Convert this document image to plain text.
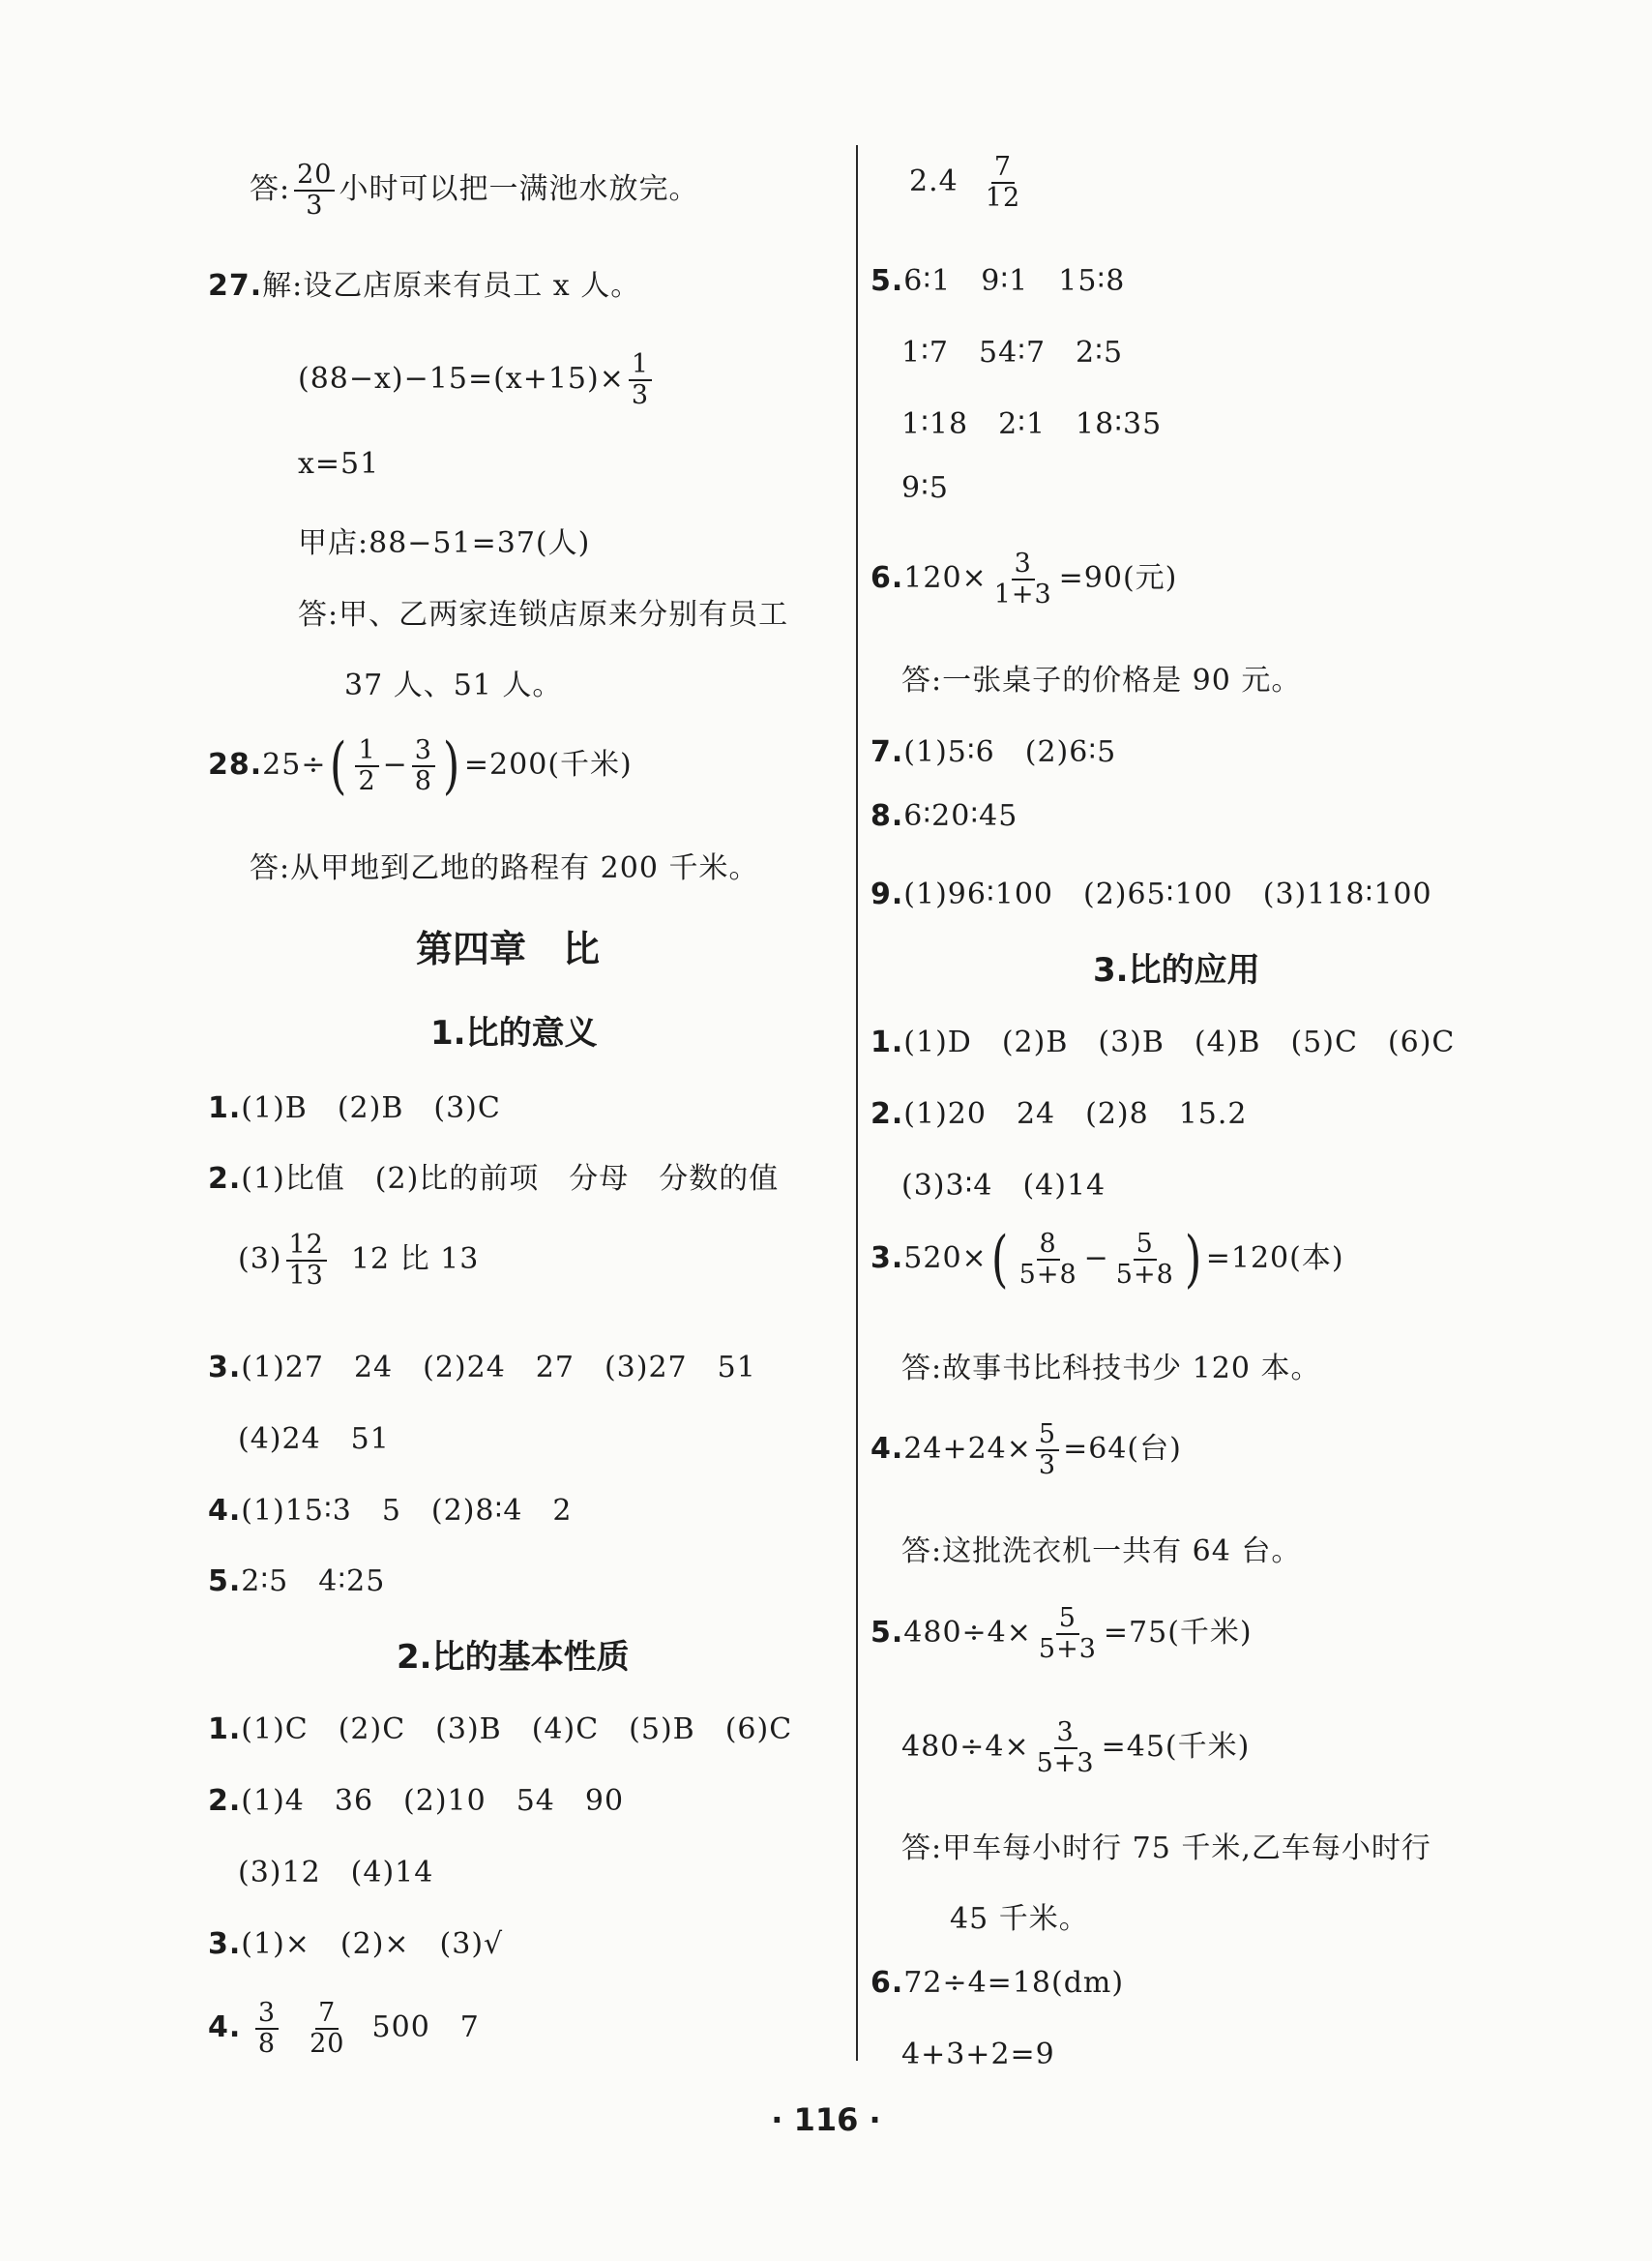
答: $\frac{20}{3}$ 小时可以把一满池水放完。
27.解:设乙店原来有员工 x 人。
$(88-x)-15=(x+15)\times \frac{1}{3}$
x=51
甲店:88−51=37(人)
答:甲、乙两家连锁店原来分别有员工
37 人、51 人。
$28.25\div( \frac{1}{2} - \frac{3}{8}$ ) =200(千米)
答:从甲地到乙地的路程有 200 千米。
第四章　比
1.比的意义
1.(1)B　(2)B　(3)C
2.(1)比值　(2)比的前项　分母　分数的值
$(3) \frac{12}{13} 12$ 比 13
3.(1)27　24　(2)24　27　(3)27　51
(4)24　51
4.(1)15∶3　5　(2)8∶4　2
5.2∶5　4∶25
2.比的基本性质
1.(1)C　(2)C　(3)B　(4)C　(5)B　(6)C
2.(1)4　36　(2)10　54　90
(3)12　(4)14
3.(1)×　(2)×　(3)√
4. $\frac{3}{8}$
$\frac{7}{20} 500$　7
$2.4 \frac{7}{12}$
5.6∶1　9∶1　15∶8
1∶7　54∶7　2∶5
1∶18　2∶1　18∶35
9∶5
$6.120\times \frac{3}{1+3} =90$(元)
答:一张桌子的价格是 90 元。
7.(1)5∶6　(2)6∶5
8.6∶20∶45
9.(1)96∶100　(2)65∶100　(3)118∶100
3.比的应用
1.(1)D　(2)B　(3)B　(4)B　(5)C　(6)C
2.(1)20　24　(2)8　15.2
(3)3∶4　(4)14
$3.520\times( \frac{8}{5+8} - \frac{5}{5+8}$ ) =120(本)
答:故事书比科技书少 120 本。
$4.24+24\times \frac{5}{3} =64$(台)
答:这批洗衣机一共有 64 台。
$5.480\div 4\times \frac{5}{5+3} =75$(千米)
$480\div 4\times \frac{3}{5+3} =45$(千米)
答:甲车每小时行 75 千米,乙车每小时行
45 千米。
6.72÷4=18(dm)
4+3+2=9
· 116 ·
